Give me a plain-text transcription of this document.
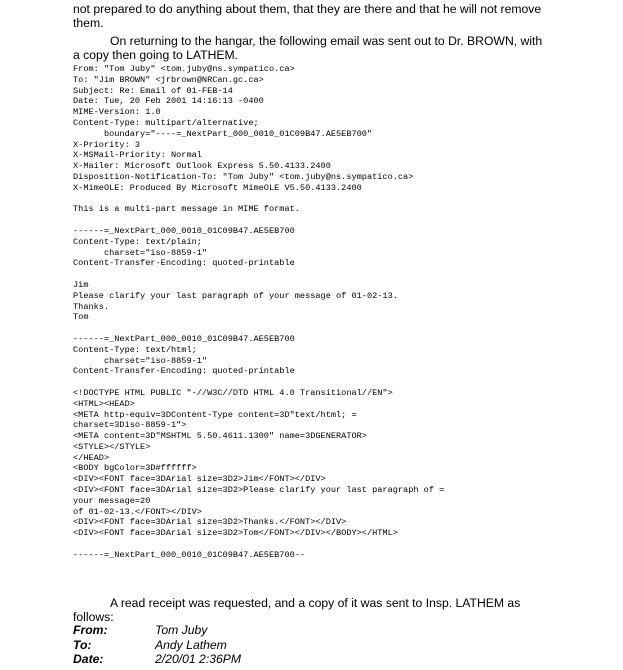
not prepared to do anything about them, that they are there and that he will not remove
them.

On returning to the hangar, the following email was sent out to Dr. BROWN, with
a copy then going to LATHEM.

From: "Tom Juby" <tom.juby@ns.sympatico.ca>
To: "Jim BROWN" <jrbrown@NRCan.gc.ca>
Subject: Re: Email of 01-FEB-14
Date: Tue, 20 Feb 2001 14:16:13 -0400
MIME-Version: 1.0
Content-Type: multipart/alternative;
boundary="----=_NextPart_000_0010_01C09B47.AE5EB700"
X-Priority: 3
X-MSMail-Priority: Normal
X-Mailer: Microsoft Outlook Express 5.50.4133.2400
Disposition-Notification-To: "Tom Juby" <tom.juby@ns.sympatico.ca>
X-MimeOLE: Produced By Microsoft MimeOLE V5.50.4133.2400
This is a multi-part message in MIME format.
------=_NextPart_000_0010_01C09B47.AE5EB700
Content-Type: text/plain;
charset="iso-8859-1"
Content-Transfer-Encoding: quoted-printable
Jim
Please clarify your last paragraph of your message of 01-02-13.
Thanks.
Tom
------=_NextPart_000_0010_01C09B47.AE5EB700
Content-Type: text/html;
charset="iso-8859-1"
Content-Transfer-Encoding: quoted-printable
<!DOCTYPE HTML PUBLIC "-//W3C//DTD HTML 4.0 Transitional//EN">
<HTML><HEAD>
<META http-equiv=3DContent-Type content=3D"text/html; =
charset=3Diso-8859-1">
<META content=3D"MSHTML 5.50.4611.1300" name=3DGENERATOR>
<STYLE></STYLE>
</HEAD>
<BODY bgColor=3D#ffffff>
<DIV><FONT face=3DArial size=3D2>Jim</FONT></DIV>
<DIV><FONT face=3DArial size=3D2>Please clarify your last paragraph of =
your message=20
of 01-02-13.</FONT></DIV>
<DIV><FONT face=3DArial size=3D2>Thanks.</FONT></DIV>
<DIV><FONT face=3DArial size=3D2>Tom</FONT></DIV></BODY></HTML>
------=_NextPart_000_0010_01C09B47.AE5EB700--

A read receipt was requested, and a copy of it was sent to Insp. LATHEM as
follows:

From:	Tom Juby
To:	Andy Lathem
Date:	2/20/01 2:36PM
